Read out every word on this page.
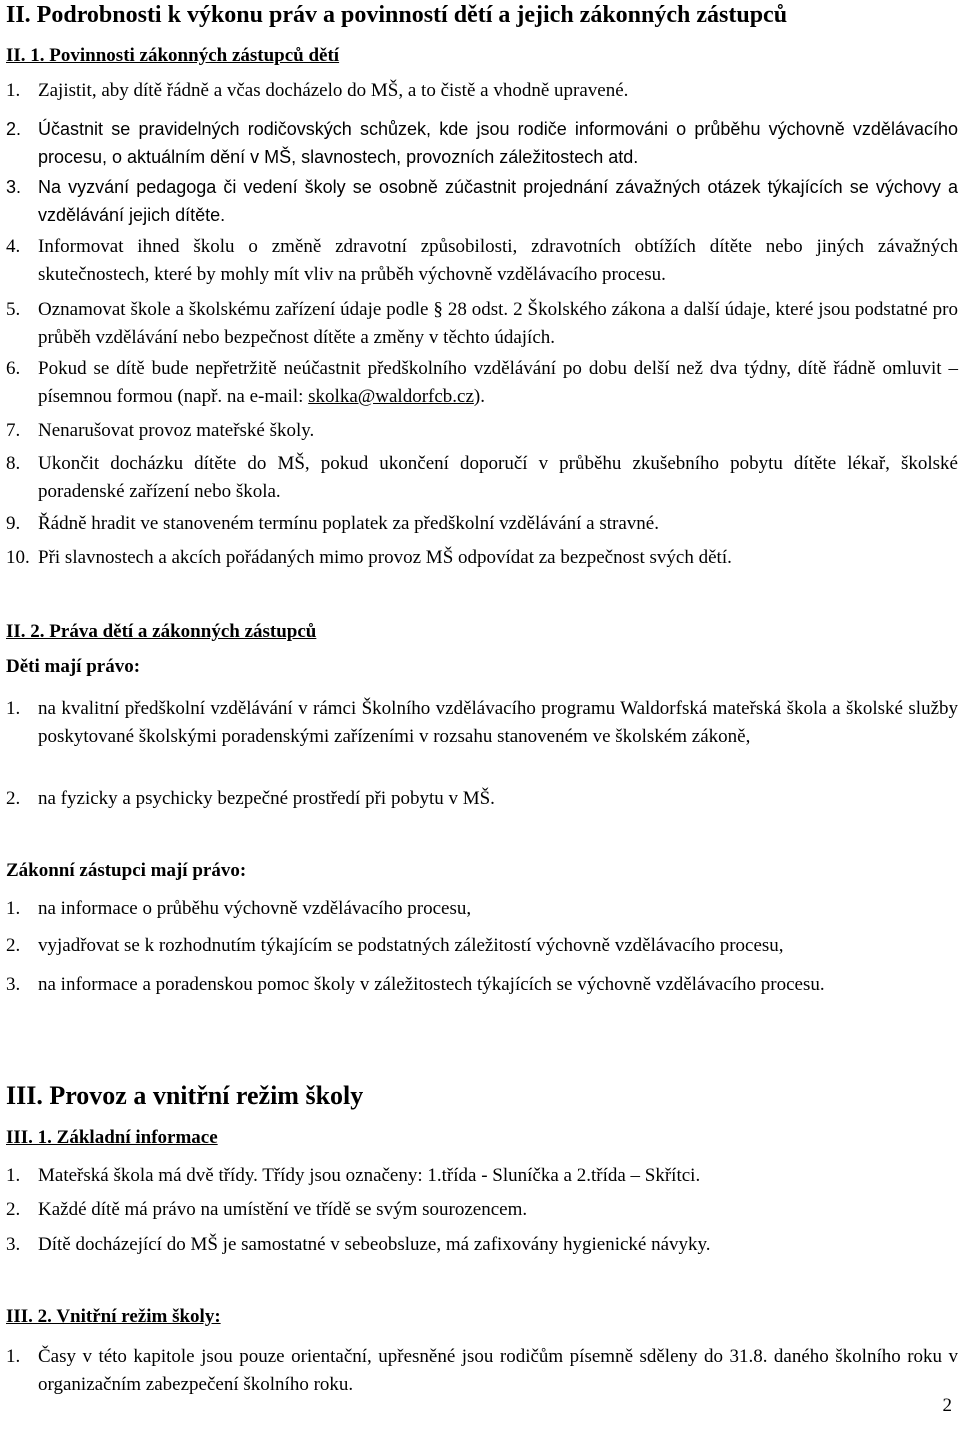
II. Podrobnosti k výkonu práv a povinností dětí a jejich zákonných zástupců
II. 1. Povinnosti zákonných zástupců dětí

1. Zajistit, aby dítě řádně a včas docházelo do MŠ, a to čistě a vhodně upravené.

2. Účastnit se pravidelných rodičovských schůzek, kde jsou rodiče informováni o průběhu výchovně vzdělávacího procesu, o aktuálním dění v MŠ, slavnostech, provozních záležitostech atd.

3. Na vyzvání pedagoga či vedení školy se osobně zúčastnit projednání závažných otázek týkajících se výchovy a vzdělávání jejich dítěte.

4. Informovat ihned školu o změně zdravotní způsobilosti, zdravotních obtížích dítěte nebo jiných závažných skutečnostech, které by mohly mít vliv na průběh výchovně vzdělávacího procesu.

5. Oznamovat škole a školskému zařízení údaje podle § 28 odst. 2 Školského zákona a další údaje, které jsou podstatné pro průběh vzdělávání nebo bezpečnost dítěte a změny v těchto údajích.

6. Pokud se dítě bude nepřetržitě neúčastnit předškolního vzdělávání po dobu delší než dva týdny, dítě řádně omluvit – písemnou formou (např. na e-mail: skolka@waldorfcb.cz).

7. Nenarušovat provoz mateřské školy.

8. Ukončit docházku dítěte do MŠ, pokud ukončení doporučí v průběhu zkušebního pobytu dítěte lékař, školské poradenské zařízení nebo škola.

9. Řádně hradit ve stanoveném termínu poplatek za předškolní vzdělávání a stravné.

10. Při slavnostech a akcích pořádaných mimo provoz MŠ odpovídat za bezpečnost svých dětí.

II. 2. Práva dětí a zákonných zástupců
Děti mají právo:

1. na kvalitní předškolní vzdělávání v rámci Školního vzdělávacího programu Waldorfská mateřská škola a školské služby poskytované školskými poradenskými zařízeními v rozsahu stanoveném ve školském zákoně,

2. na fyzicky a psychicky bezpečné prostředí při pobytu v MŠ.

Zákonní zástupci mají právo:

1. na informace o průběhu výchovně vzdělávacího procesu,

2. vyjadřovat se k rozhodnutím týkajícím se podstatných záležitostí výchovně vzdělávacího procesu,

3. na informace a poradenskou pomoc školy v záležitostech týkajících se výchovně vzdělávacího procesu.

III. Provoz a vnitřní režim školy
III. 1. Základní informace

1. Mateřská škola má dvě třídy. Třídy jsou označeny: 1.třída - Sluníčka a 2.třída – Skřítci.

2. Každé dítě má právo na umístění ve třídě se svým sourozencem.

3. Dítě docházející do MŠ je samostatné v sebeobsluze, má zafixovány hygienické návyky.

III. 2. Vnitřní režim školy:

1. Časy v této kapitole jsou pouze orientační, upřesněné jsou rodičům písemně sděleny do 31.8. daného školního roku v organizačním zabezpečení školního roku.

2
